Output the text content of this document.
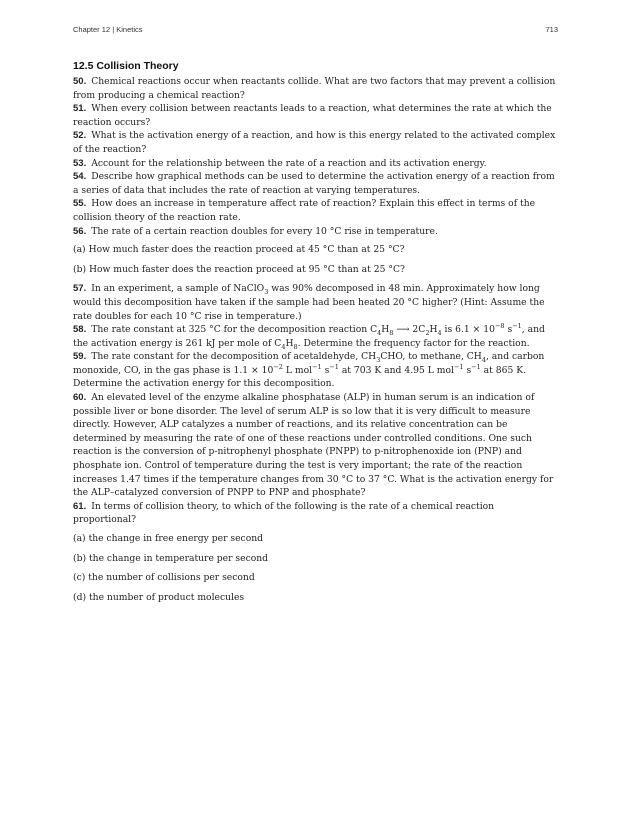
Chapter 12 | Kinetics	713
12.5 Collision Theory

50. Chemical reactions occur when reactants collide. What are two factors that may prevent a collision from producing a chemical reaction?

51. When every collision between reactants leads to a reaction, what determines the rate at which the reaction occurs?

52. What is the activation energy of a reaction, and how is this energy related to the activated complex of the reaction?

53. Account for the relationship between the rate of a reaction and its activation energy.

54. Describe how graphical methods can be used to determine the activation energy of a reaction from a series of data that includes the rate of reaction at varying temperatures.

55. How does an increase in temperature affect rate of reaction? Explain this effect in terms of the collision theory of the reaction rate.

56. The rate of a certain reaction doubles for every 10 °C rise in temperature.

(a) How much faster does the reaction proceed at 45 °C than at 25 °C?

(b) How much faster does the reaction proceed at 95 °C than at 25 °C?

57. In an experiment, a sample of NaClO$_3$ was 90% decomposed in 48 min. Approximately how long would this decomposition have taken if the sample had been heated 20 °C higher? (Hint: Assume the rate doubles for each 10 °C rise in temperature.)

58. The rate constant at 325 °C for the decomposition reaction $C_4H_8$ ⟶ $2C_2H_4$ is $6.1 \times 10^{-8}$ $s^{-1}$, and the activation energy is 261 kJ per mole of $C_4H_8$. Determine the frequency factor for the reaction.

59. The rate constant for the decomposition of acetaldehyde, $CH_3CHO$, to methane, $CH_4$, and carbon monoxide, CO, in the gas phase is $1.1 \times 10^{-2}$ L mol$^{-1}$ $s^{-1}$ at 703 K and 4.95 L mol$^{-1}$ $s^{-1}$ at 865 K. Determine the activation energy for this decomposition.

60. An elevated level of the enzyme alkaline phosphatase (ALP) in human serum is an indication of possible liver or bone disorder. The level of serum ALP is so low that it is very difficult to measure directly. However, ALP catalyzes a number of reactions, and its relative concentration can be determined by measuring the rate of one of these reactions under controlled conditions. One such reaction is the conversion of p-nitrophenyl phosphate (PNPP) to p-nitrophenoxide ion (PNP) and phosphate ion. Control of temperature during the test is very important; the rate of the reaction increases 1.47 times if the temperature changes from 30 °C to 37 °C. What is the activation energy for the ALP–catalyzed conversion of PNPP to PNP and phosphate?

61. In terms of collision theory, to which of the following is the rate of a chemical reaction proportional?

(a) the change in free energy per second

(b) the change in temperature per second

(c) the number of collisions per second

(d) the number of product molecules
